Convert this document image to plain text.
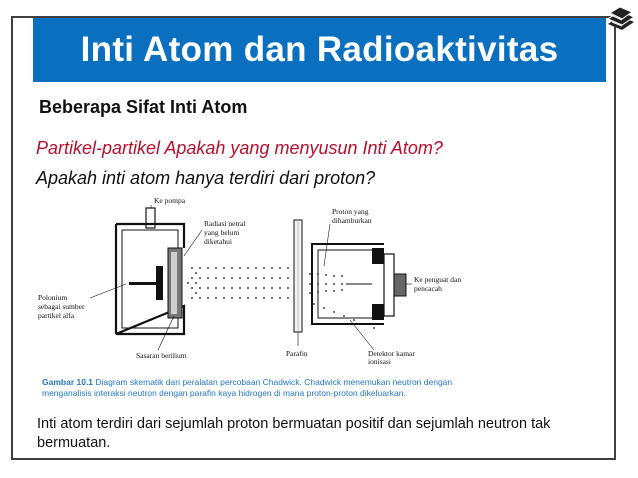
Inti Atom dan Radioaktivitas
Beberapa Sifat Inti Atom
Partikel-partikel Apakah yang menyusun Inti Atom?
Apakah inti atom hanya terdiri dari proton?
Ke pompa
Radiasi netral
yang belum
diketahui
Proton yang
dihamburkan
Polonium
sebagai sumber
partikel alfa
Ke penguat dan
pencacah
Sasaran berilium	Parafin	Detektor kamar
ionisasi
Gambar 10.1 Diagram skematik dari peralatan percobaan Chadwick. Chadwick menemukan neutron dengan menganalisis interaksi neutron dengan parafin kaya hidrogen di mana proton-proton dikeluarkan.
Inti atom terdiri dari sejumlah proton bermuatan positif dan sejumlah neutron tak bermuatan.
